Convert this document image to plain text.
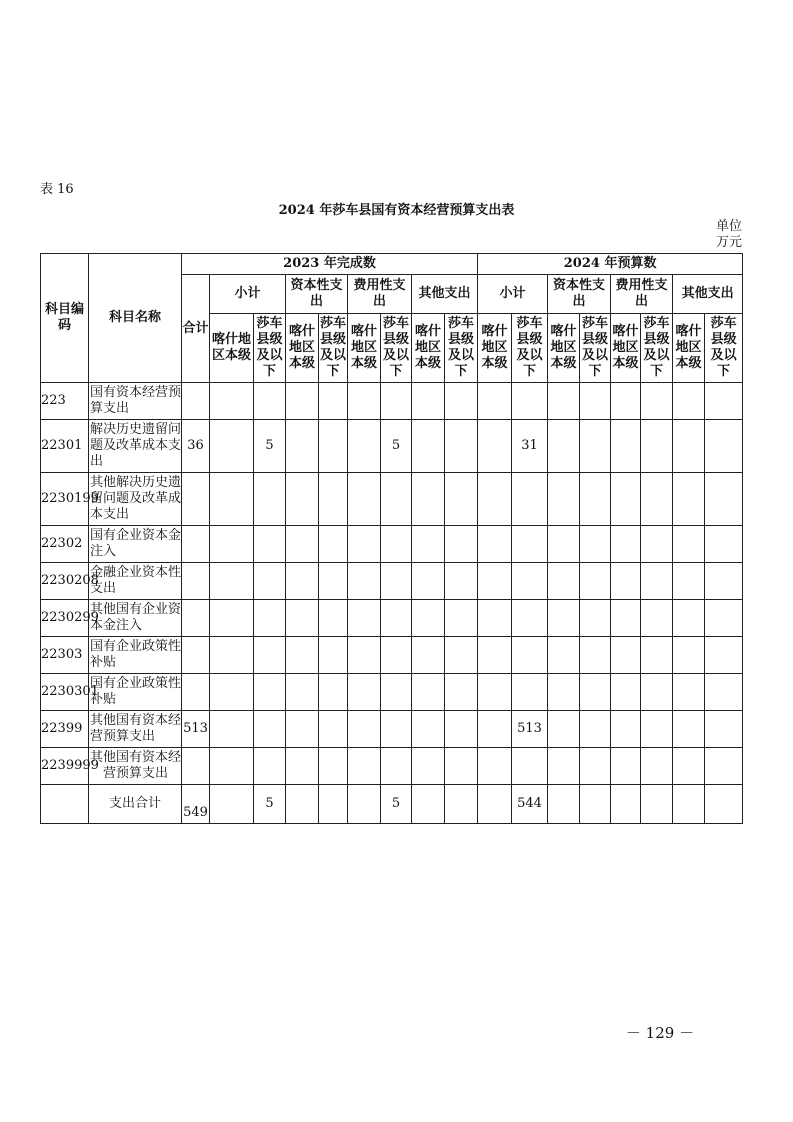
表 16
2024 年莎车县国有资本经营预算支出表
单位
万元
科目编码	科目名称	2023 年完成数									2024 年预算数								
		合计	小计		资本性支出		费用性支出		其他支出		小计		资本性支出		费用性支出		其他支出		
			喀什地区本级	莎车县级及以下	喀什地区本级	莎车县级及以下	喀什地区本级	莎车县级及以下	喀什地区本级	莎车县级及以下	喀什地区本级	莎车县级及以下	喀什地区本级	莎车县级及以下	喀什地区本级	莎车县级及以下	喀什地区本级	莎车县级及以下	
223	国有资本经营预算支出																		
22301	解决历史遗留问题及改革成本支出	36		5				5				31							
2230199	其他解决历史遗留问题及改革成本支出																		
22302	国有企业资本金注入																		
2230208	金融企业资本性支出																		
2230299	其他国有企业资本金注入																		
22303	国有企业政策性补贴																		
2230301	国有企业政策性补贴																		
22399	其他国有资本经营预算支出	513										513							
2239999	其他国有资本经营预算支出																		
	支出合计	549		5				5				544							
－ 129 －
